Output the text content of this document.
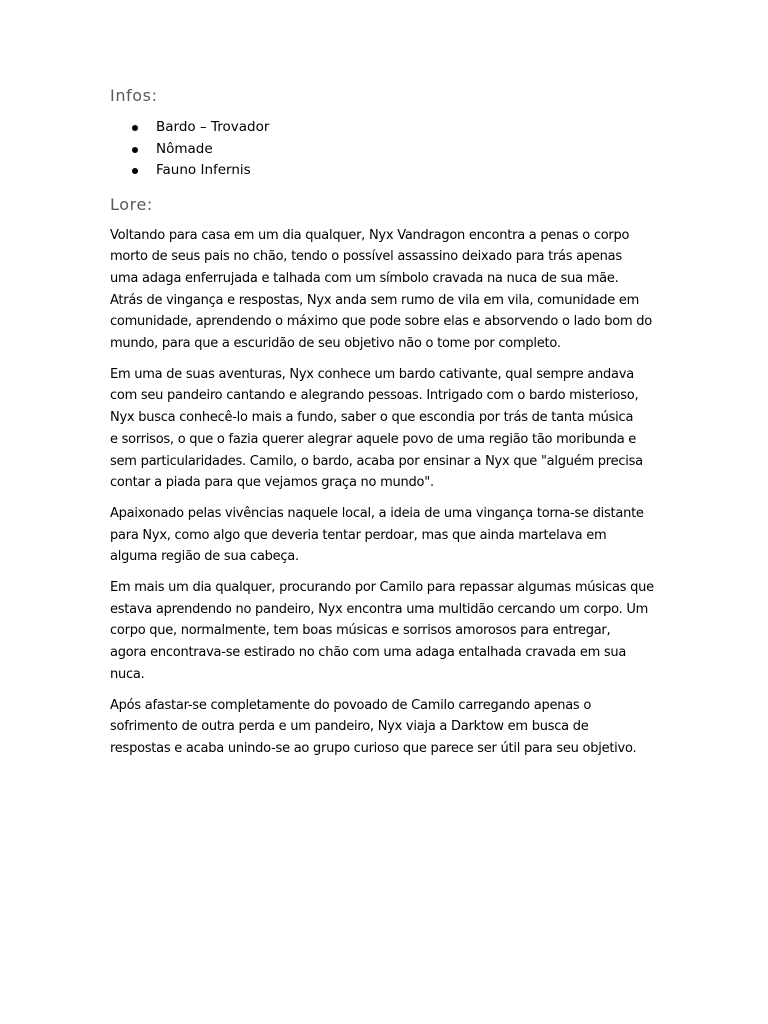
Infos:
Bardo – Trovador
Nômade
Fauno Infernis
Lore:

Voltando para casa em um dia qualquer, Nyx Vandragon encontra a penas o corpo
morto de seus pais no chão, tendo o possível assassino deixado para trás apenas
uma adaga enferrujada e talhada com um símbolo cravada na nuca de sua mãe.
Atrás de vingança e respostas, Nyx anda sem rumo de vila em vila, comunidade em
comunidade, aprendendo o máximo que pode sobre elas e absorvendo o lado bom do
mundo, para que a escuridão de seu objetivo não o tome por completo.

Em uma de suas aventuras, Nyx conhece um bardo cativante, qual sempre andava
com seu pandeiro cantando e alegrando pessoas. Intrigado com o bardo misterioso,
Nyx busca conhecê-lo mais a fundo, saber o que escondia por trás de tanta música
e sorrisos, o que o fazia querer alegrar aquele povo de uma região tão moribunda e
sem particularidades. Camilo, o bardo, acaba por ensinar a Nyx que "alguém precisa
contar a piada para que vejamos graça no mundo".

Apaixonado pelas vivências naquele local, a ideia de uma vingança torna-se distante
para Nyx, como algo que deveria tentar perdoar, mas que ainda martelava em
alguma região de sua cabeça.

Em mais um dia qualquer, procurando por Camilo para repassar algumas músicas que
estava aprendendo no pandeiro, Nyx encontra uma multidão cercando um corpo. Um
corpo que, normalmente, tem boas músicas e sorrisos amorosos para entregar,
agora encontrava-se estirado no chão com uma adaga entalhada cravada em sua
nuca.

Após afastar-se completamente do povoado de Camilo carregando apenas o
sofrimento de outra perda e um pandeiro, Nyx viaja a Darktow em busca de
respostas e acaba unindo-se ao grupo curioso que parece ser útil para seu objetivo.
